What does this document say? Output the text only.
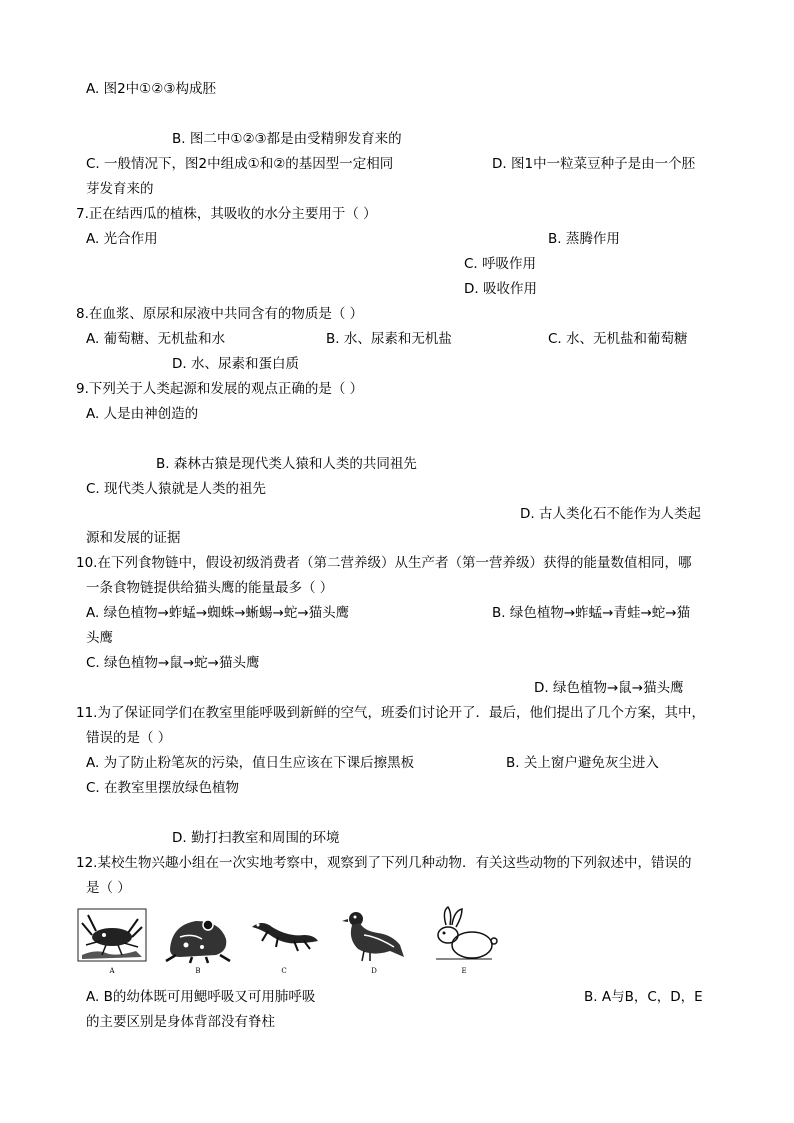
A. 图2中①②③构成胚
B. 图二中①②③都是由受精卵发育来的
C. 一般情况下，图2中组成①和②的基因型一定相同	D. 图1中一粒菜豆种子是由一个胚
芽发育来的
7.正在结西瓜的植株，其吸收的水分主要用于（ ）
A. 光合作用	B. 蒸腾作用
C. 呼吸作用
D. 吸收作用
8.在血浆、原尿和尿液中共同含有的物质是（ ）
A. 葡萄糖、无机盐和水	B. 水、尿素和无机盐	C. 水、无机盐和葡萄糖
D. 水、尿素和蛋白质
9.下列关于人类起源和发展的观点正确的是（ ）
A. 人是由神创造的
B. 森林古猿是现代类人猿和人类的共同祖先
C. 现代类人猿就是人类的祖先
D. 古人类化石不能作为人类起
源和发展的证据
10.在下列食物链中，假设初级消费者（第二营养级）从生产者（第一营养级）获得的能量数值相同，哪
一条食物链提供给猫头鹰的能量最多（ ）
A. 绿色植物→蚱蜢→蜘蛛→蜥蜴→蛇→猫头鹰	B. 绿色植物→蚱蜢→青蛙→蛇→猫
头鹰
C. 绿色植物→鼠→蛇→猫头鹰
D. 绿色植物→鼠→猫头鹰
11.为了保证同学们在教室里能呼吸到新鲜的空气，班委们讨论开了．最后，他们提出了几个方案，其中，
错误的是（ ）
A. 为了防止粉笔灰的污染，值日生应该在下课后擦黑板	B. 关上窗户避免灰尘进入
C. 在教室里摆放绿色植物
D. 勤打扫教室和周围的环境
12.某校生物兴趣小组在一次实地考察中，观察到了下列几种动物．有关这些动物的下列叙述中，错误的
是（ ）
A	B	C	D	E
A. B的幼体既可用鳃呼吸又可用肺呼吸	B. A与B，C，D，E
的主要区别是身体背部没有脊柱
